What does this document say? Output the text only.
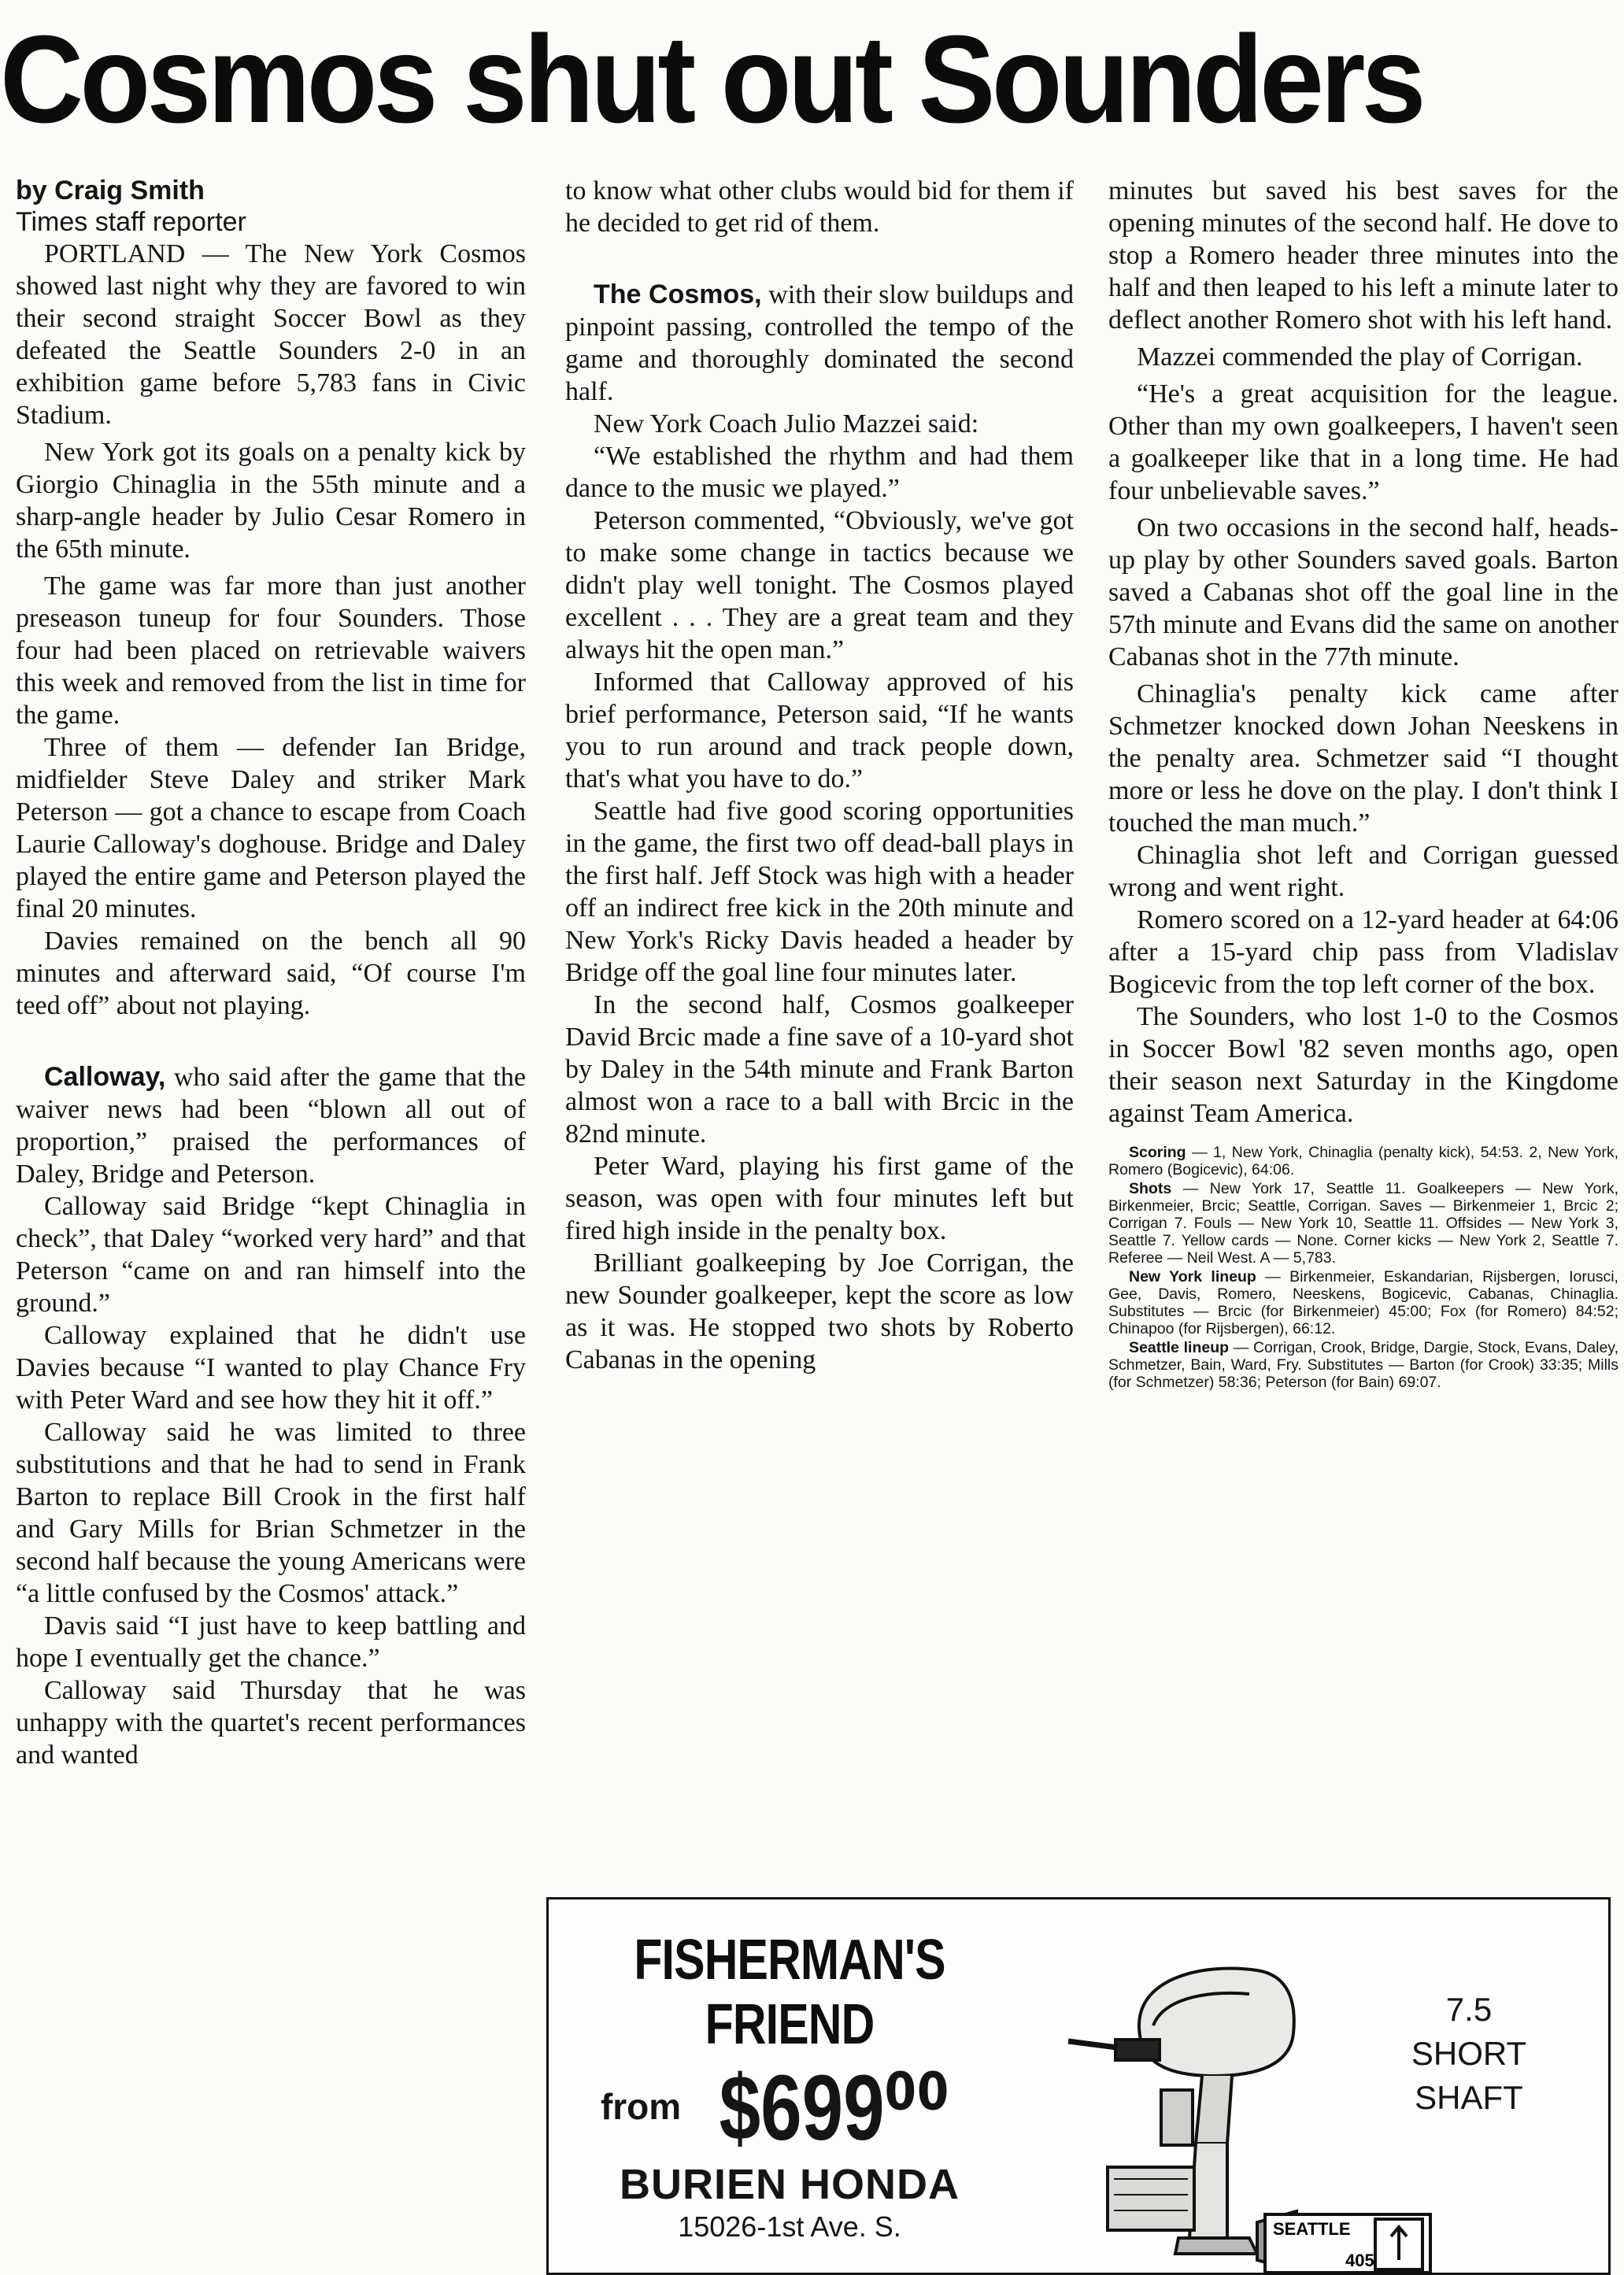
Cosmos shut out Sounders

by Craig Smith

Times staff reporter

PORTLAND — The New York Cosmos showed last night why they are favored to win their second straight Soccer Bowl as they defeated the Seattle Sounders 2-0 in an exhibition game before 5,783 fans in Civic Stadium.

New York got its goals on a penalty kick by Giorgio Chinaglia in the 55th minute and a sharp-angle header by Julio Cesar Romero in the 65th minute.

The game was far more than just another preseason tuneup for four Sounders. Those four had been placed on retrievable waivers this week and removed from the list in time for the game.

Three of them — defender Ian Bridge, midfielder Steve Daley and striker Mark Peterson — got a chance to escape from Coach Laurie Calloway's doghouse. Bridge and Daley played the entire game and Peterson played the final 20 minutes.

Davies remained on the bench all 90 minutes and afterward said, “Of course I'm teed off” about not playing.

Calloway, who said after the game that the waiver news had been “blown all out of proportion,” praised the performances of Daley, Bridge and Peterson.

Calloway said Bridge “kept Chinaglia in check”, that Daley “worked very hard” and that Peterson “came on and ran himself into the ground.”

Calloway explained that he didn't use Davies because “I wanted to play Chance Fry with Peter Ward and see how they hit it off.”

Calloway said he was limited to three substitutions and that he had to send in Frank Barton to replace Bill Crook in the first half and Gary Mills for Brian Schmetzer in the second half because the young Americans were “a little confused by the Cosmos' attack.”

Davis said “I just have to keep battling and hope I eventually get the chance.”

Calloway said Thursday that he was unhappy with the quartet's recent performances and wanted

to know what other clubs would bid for them if he decided to get rid of them.

The Cosmos, with their slow buildups and pinpoint passing, controlled the tempo of the game and thoroughly dominated the second half.

New York Coach Julio Mazzei said:

“We established the rhythm and had them dance to the music we played.”

Peterson commented, “Obviously, we've got to make some change in tactics because we didn't play well tonight. The Cosmos played excellent . . . They are a great team and they always hit the open man.”

Informed that Calloway approved of his brief performance, Peterson said, “If he wants you to run around and track people down, that's what you have to do.”

Seattle had five good scoring opportunities in the game, the first two off dead-ball plays in the first half. Jeff Stock was high with a header off an indirect free kick in the 20th minute and New York's Ricky Davis headed a header by Bridge off the goal line four minutes later.

In the second half, Cosmos goalkeeper David Brcic made a fine save of a 10-yard shot by Daley in the 54th minute and Frank Barton almost won a race to a ball with Brcic in the 82nd minute.

Peter Ward, playing his first game of the season, was open with four minutes left but fired high inside in the penalty box.

Brilliant goalkeeping by Joe Corrigan, the new Sounder goalkeeper, kept the score as low as it was. He stopped two shots by Roberto Cabanas in the opening

minutes but saved his best saves for the opening minutes of the second half. He dove to stop a Romero header three minutes into the half and then leaped to his left a minute later to deflect another Romero shot with his left hand.

Mazzei commended the play of Corrigan.

“He's a great acquisition for the league. Other than my own goalkeepers, I haven't seen a goalkeeper like that in a long time. He had four unbelievable saves.”

On two occasions in the second half, heads-up play by other Sounders saved goals. Barton saved a Cabanas shot off the goal line in the 57th minute and Evans did the same on another Cabanas shot in the 77th minute.

Chinaglia's penalty kick came after Schmetzer knocked down Johan Neeskens in the penalty area. Schmetzer said “I thought more or less he dove on the play. I don't think I touched the man much.”

Chinaglia shot left and Corrigan guessed wrong and went right.

Romero scored on a 12-yard header at 64:06 after a 15-yard chip pass from Vladislav Bogicevic from the top left corner of the box.

The Sounders, who lost 1-0 to the Cosmos in Soccer Bowl '82 seven months ago, open their season next Saturday in the Kingdome against Team America.

Scoring — 1, New York, Chinaglia (penalty kick), 54:53. 2, New York, Romero (Bogicevic), 64:06.

Shots — New York 17, Seattle 11. Goalkeepers — New York, Birkenmeier, Brcic; Seattle, Corrigan. Saves — Birkenmeier 1, Brcic 2; Corrigan 7. Fouls — New York 10, Seattle 11. Offsides — New York 3, Seattle 7. Yellow cards — None. Corner kicks — New York 2, Seattle 7. Referee — Neil West. A — 5,783.

New York lineup — Birkenmeier, Eskandarian, Rijsbergen, Iorusci, Gee, Davis, Romero, Neeskens, Bogicevic, Cabanas, Chinaglia. Substitutes — Brcic (for Birkenmeier) 45:00; Fox (for Romero) 84:52; Chinapoo (for Rijsbergen), 66:12.

Seattle lineup — Corrigan, Crook, Bridge, Dargie, Stock, Evans, Daley, Schmetzer, Bain, Ward, Fry. Substitutes — Barton (for Crook) 33:35; Mills (for Schmetzer) 58:36; Peterson (for Bain) 69:07.

FISHERMAN'S
FRIEND
from $699⁰⁰
BURIEN HONDA
15026-1st Ave. S.
7.5
SHORT
SHAFT
SEATTLE
405
